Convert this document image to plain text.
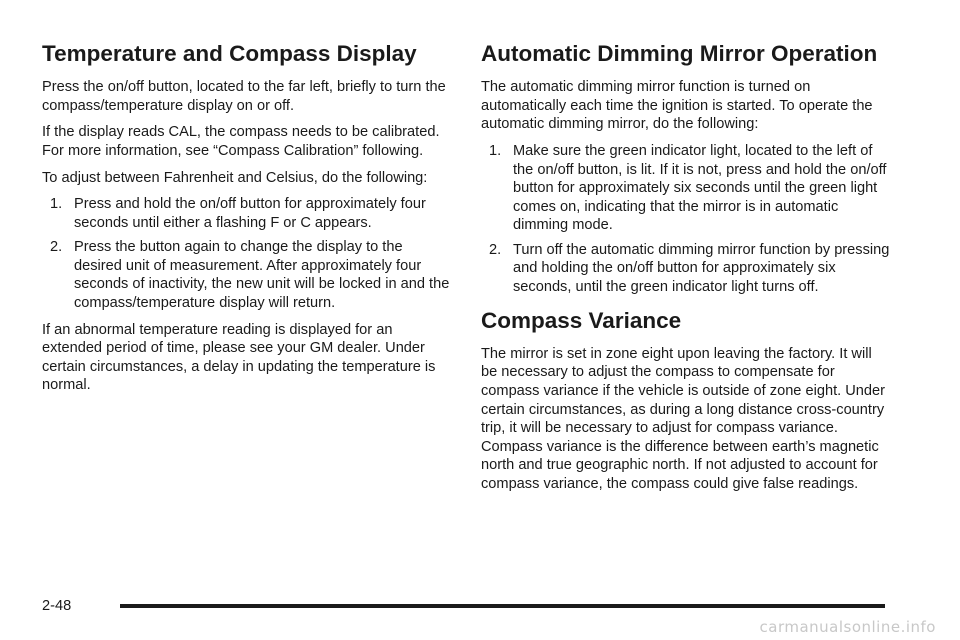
Temperature and Compass Display

Press the on/off button, located to the far left, briefly to turn the compass/temperature display on or off.

If the display reads CAL, the compass needs to be calibrated. For more information, see “Compass Calibration” following.

To adjust between Fahrenheit and Celsius, do the following:

1. Press and hold the on/off button for approximately four seconds until either a flashing F or C appears.
2. Press the button again to change the display to the desired unit of measurement. After approximately four seconds of inactivity, the new unit will be locked in and the compass/temperature display will return.

If an abnormal temperature reading is displayed for an extended period of time, please see your GM dealer. Under certain circumstances, a delay in updating the temperature is normal.

Automatic Dimming Mirror Operation

The automatic dimming mirror function is turned on automatically each time the ignition is started. To operate the automatic dimming mirror, do the following:

1. Make sure the green indicator light, located to the left of the on/off button, is lit. If it is not, press and hold the on/off button for approximately six seconds until the green light comes on, indicating that the mirror is in automatic dimming mode.
2. Turn off the automatic dimming mirror function by pressing and holding the on/off button for approximately six seconds, until the green indicator light turns off.
Compass Variance

The mirror is set in zone eight upon leaving the factory. It will be necessary to adjust the compass to compensate for compass variance if the vehicle is outside of zone eight. Under certain circumstances, as during a long distance cross-country trip, it will be necessary to adjust for compass variance. Compass variance is the difference between earth’s magnetic north and true geographic north. If not adjusted to account for compass variance, the compass could give false readings.

2-48
carmanualsonline.info
